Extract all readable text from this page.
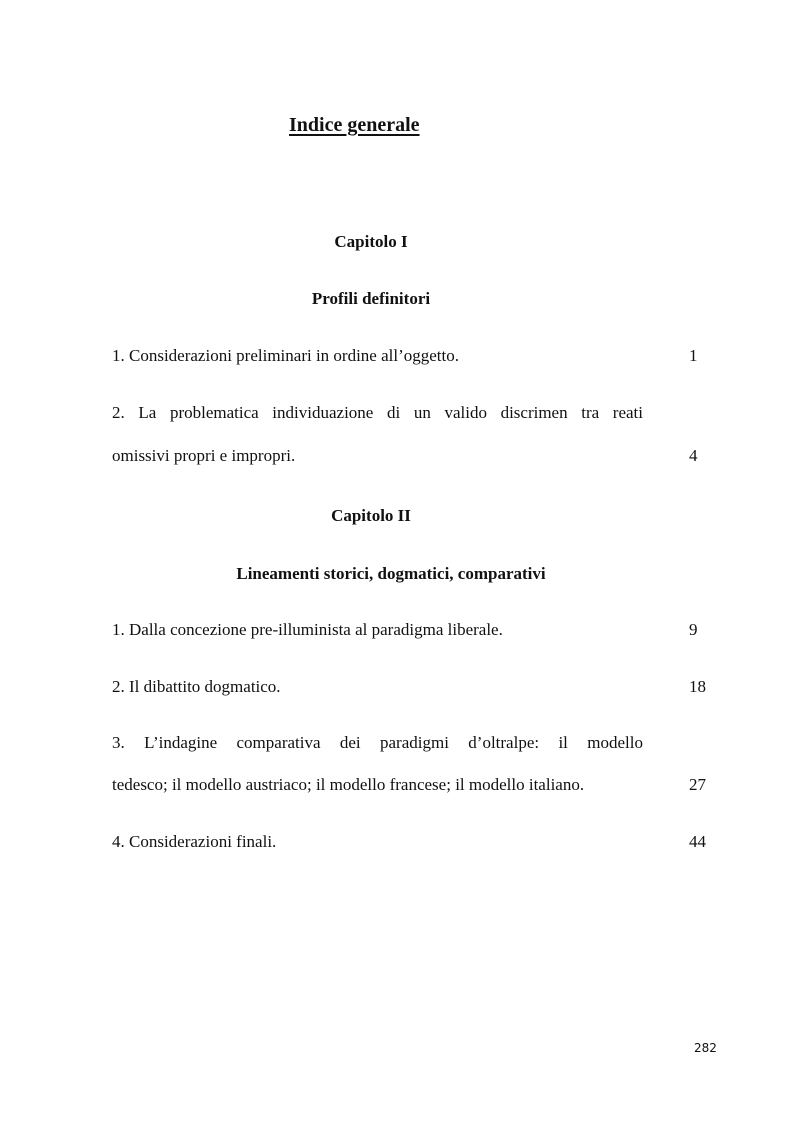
Indice generale
Capitolo I
Profili definitori
1. Considerazioni preliminari in ordine all’oggetto.	1
2. La problematica individuazione di un valido discrimen tra reati
omissivi propri e impropri.	4
Capitolo II
Lineamenti storici, dogmatici, comparativi
1. Dalla concezione pre-illuminista al paradigma liberale.	9
2. Il dibattito dogmatico.	18
3. L’indagine comparativa dei paradigmi d’oltralpe: il modello
tedesco; il modello austriaco; il modello francese; il modello italiano.	27
4. Considerazioni finali.	44
282
